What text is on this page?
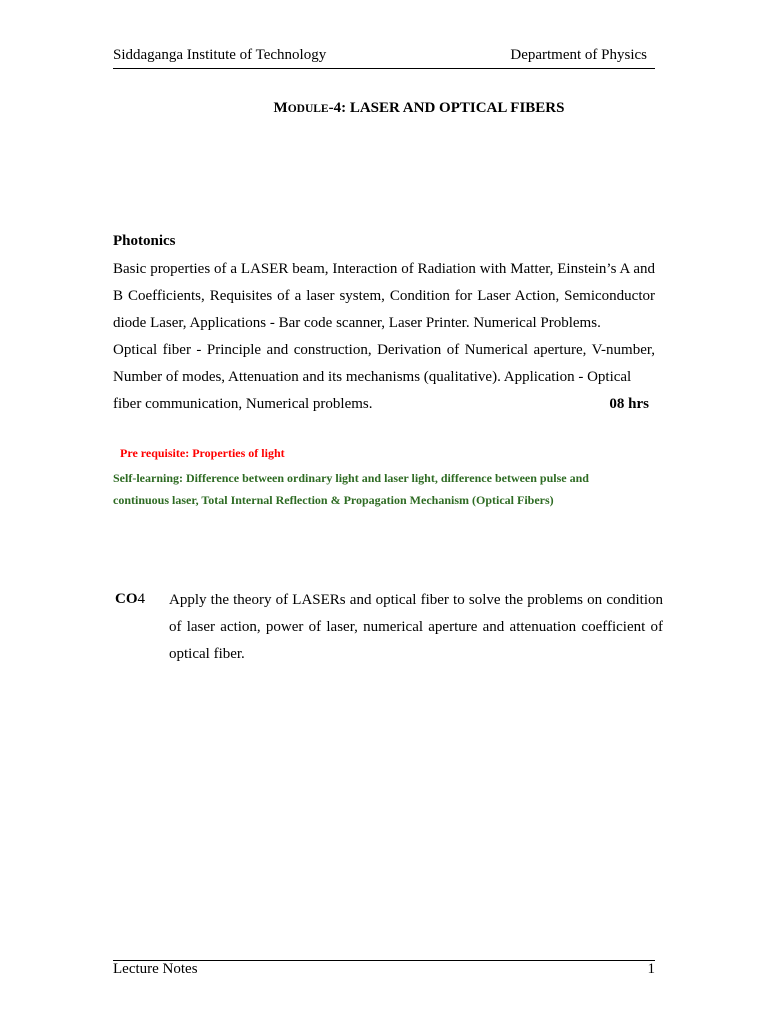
Siddaganga Institute of Technology	Department of Physics
MODULE-4: LASER AND OPTICAL FIBERS
Photonics

Basic properties of a LASER beam, Interaction of Radiation with Matter, Einstein’s A and B Coefficients, Requisites of a laser system, Condition for Laser Action, Semiconductor diode Laser, Applications - Bar code scanner, Laser Printer. Numerical Problems.

Optical fiber - Principle and construction, Derivation of Numerical aperture, V-number, Number of modes, Attenuation and its mechanisms (qualitative). Application - Optical

fiber communication, Numerical problems.	08 hrs
Pre requisite: Properties of light
Self-learning: Difference between ordinary light and laser light, difference between pulse and continuous laser, Total Internal Reflection & Propagation Mechanism (Optical Fibers)
CO4 Apply the theory of LASERs and optical fiber to solve the problems on condition of laser action, power of laser, numerical aperture and attenuation coefficient of optical fiber.
Lecture Notes	1
